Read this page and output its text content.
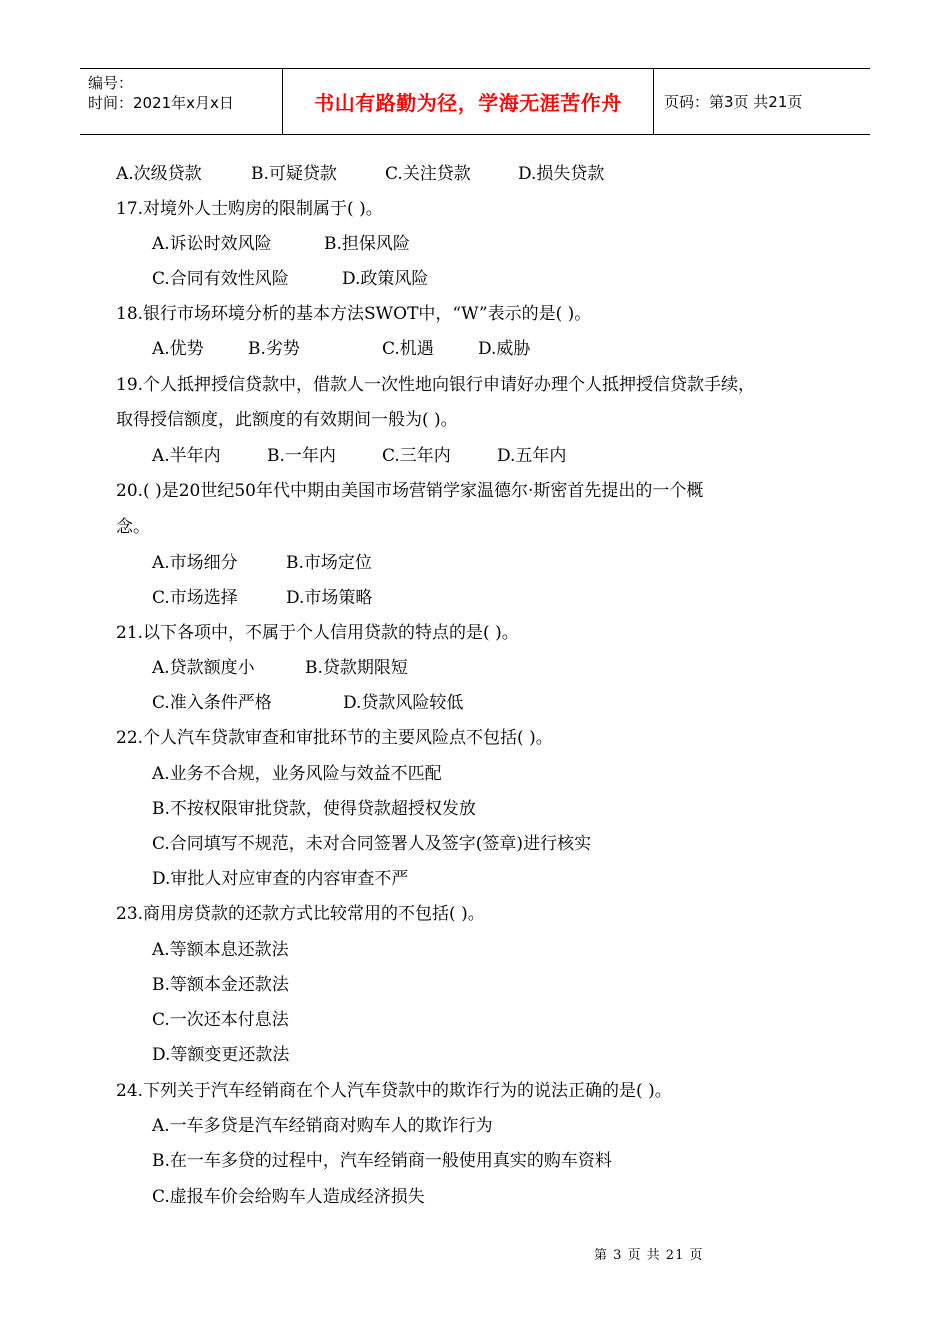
编号：
时间：2021年x月x日	书山有路勤为径，学海无涯苦作舟	页码：第3页 共21页
A.次级贷款	B.可疑贷款	C.关注贷款	D.损失贷款
17.对境外人士购房的限制属于( )。
A.诉讼时效风险	B.担保风险
C.合同有效性风险	D.政策风险
18.银行市场环境分析的基本方法SWOT中，“W”表示的是( )。
A.优势	B.劣势	C.机遇	D.威胁
19.个人抵押授信贷款中，借款人一次性地向银行申请好办理个人抵押授信贷款手续，
取得授信额度，此额度的有效期间一般为( )。
A.半年内	B.一年内	C.三年内	D.五年内
20.( )是20世纪50年代中期由美国市场营销学家温德尔·斯密首先提出的一个概
念。
A.市场细分	B.市场定位
C.市场选择	D.市场策略
21.以下各项中，不属于个人信用贷款的特点的是( )。
A.贷款额度小	B.贷款期限短
C.准入条件严格	D.贷款风险较低
22.个人汽车贷款审查和审批环节的主要风险点不包括( )。
A.业务不合规，业务风险与效益不匹配
B.不按权限审批贷款，使得贷款超授权发放
C.合同填写不规范，未对合同签署人及签字(签章)进行核实
D.审批人对应审查的内容审查不严
23.商用房贷款的还款方式比较常用的不包括( )。
A.等额本息还款法
B.等额本金还款法
C.一次还本付息法
D.等额变更还款法
24.下列关于汽车经销商在个人汽车贷款中的欺诈行为的说法正确的是( )。
A.一车多贷是汽车经销商对购车人的欺诈行为
B.在一车多贷的过程中，汽车经销商一般使用真实的购车资料
C.虚报车价会给购车人造成经济损失
第 3 页 共 21 页
